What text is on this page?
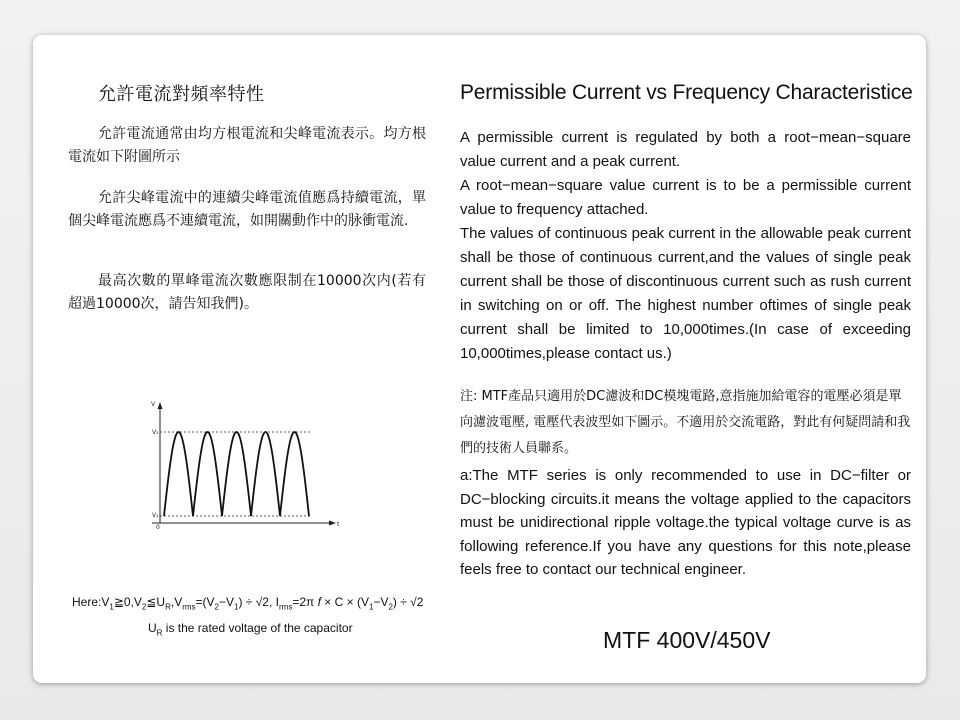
允許電流對頻率特性

允許電流通常由均方根電流和尖峰電流表示。均方根電流如下附圖所示

允許尖峰電流中的連續尖峰電流值應爲持續電流，單個尖峰電流應爲不連續電流，如開關動作中的脉衝電流.

最高次數的單峰電流次數應限制在10000次内(若有超過10000次，請告知我們)。

V
V₂
V₁
0	t
$Here:V_1≧0,V_2≦U_R,V_{rms}=(V_2-V_1) \div √2$, $I_{rms}=2\pi$ $f \times C \times (V_1-V_2) \div √2$
$U_R$ is the rated voltage of the capacitor
Permissible Current vs Frequency Characteristice
A permissible current is regulated by both a root−mean−square value current and a peak current.
A root−mean−square value current is to be a permissible current value to frequency attached.
The values of continuous peak current in the allowable peak current shall be those of continuous current,and the values of single peak current shall be those of discontinuous current such as rush current in switching on or off. The highest number oftimes of single peak current shall be limited to 10,000times.(In case of exceeding 10,000times,please contact us.)

注: MTF產品只適用於DC濾波和DC模塊電路,意指施加給電容的電壓必須是單向濾波電壓, 電壓代表波型如下圖示。不適用於交流電路，對此有何疑問請和我們的技術人員聯系。

a:The MTF series is only recommended to use in DC−filter or DC−blocking circuits.it means the voltage applied to the capacitors must be unidirectional ripple voltage.the typical voltage curve is as following reference.If you have any questions for this note,please feels free to contact our technical engineer.

MTF 400V/450V
